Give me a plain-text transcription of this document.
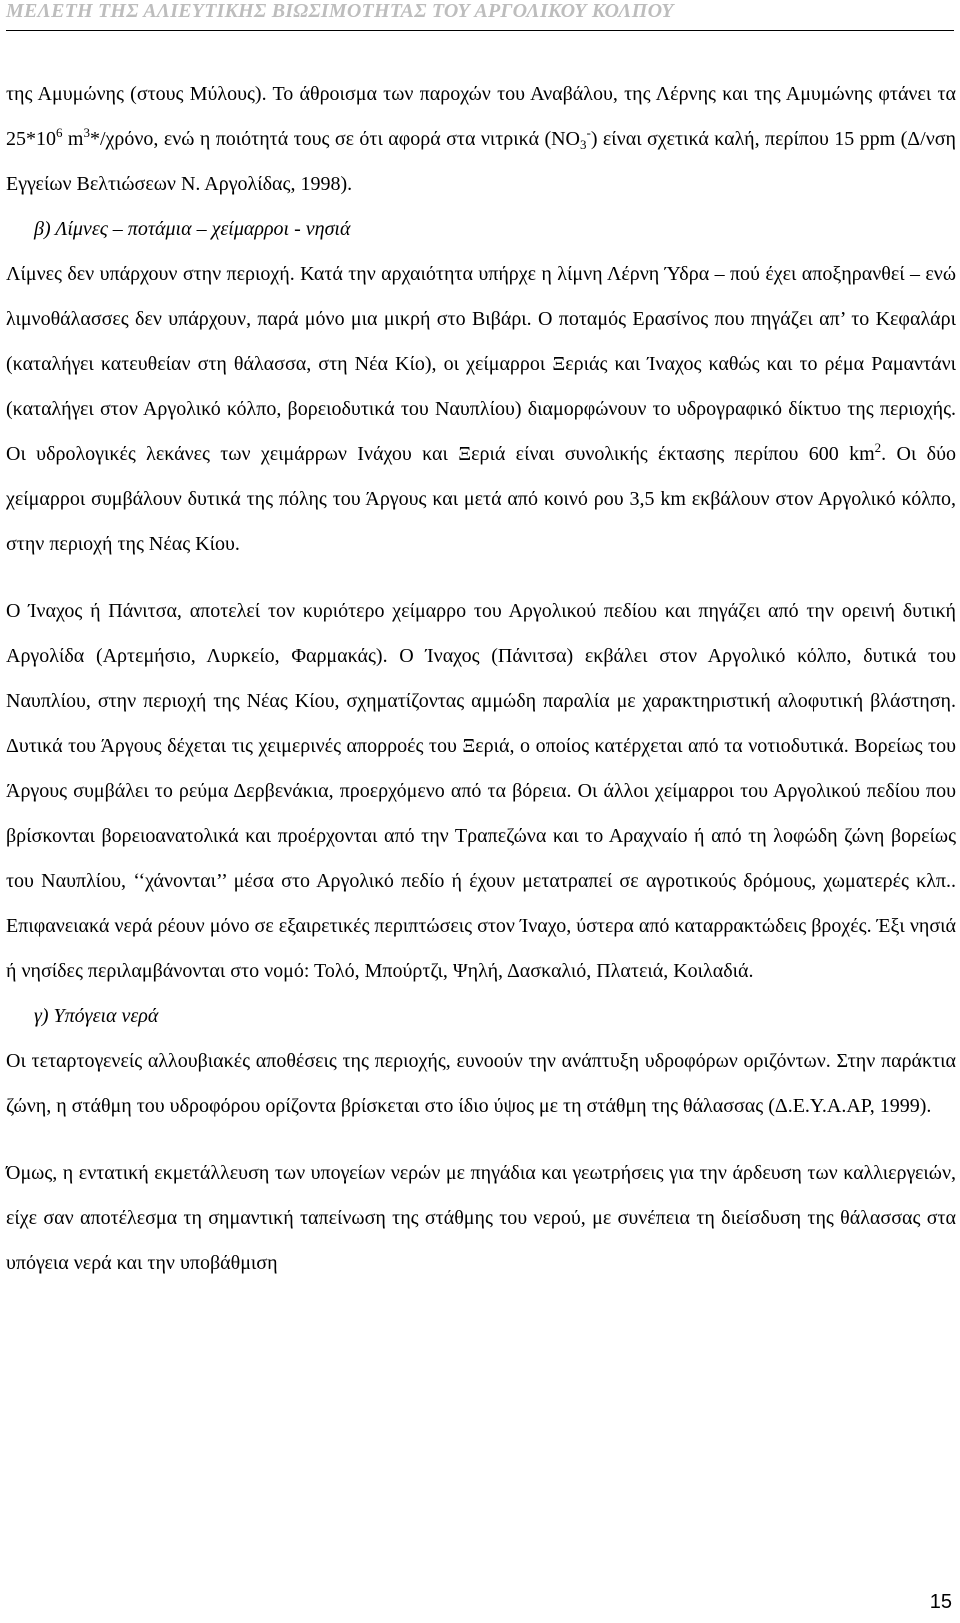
ΜΕΛΕΤΗ ΤΗΣ ΑΛΙΕΥΤΙΚΗΣ ΒΙΩΣΙΜΟΤΗΤΑΣ ΤΟΥ ΑΡΓΟΛΙΚΟΥ ΚΟΛΠΟΥ

της Αμυμώνης (στους Μύλους). Το άθροισμα των παροχών του Αναβάλου, της Λέρνης και της Αμυμώνης φτάνει τα $25*10^6$ $m^3*$/χρόνο, ενώ η ποιότητά τους σε ότι αφορά στα νιτρικά $(NO_3^-)$ είναι σχετικά καλή, περίπου 15 ppm (Δ/νση Εγγείων Βελτιώσεων Ν. Αργολίδας, 1998).

β) Λίμνες – ποτάμια – χείμαρροι - νησιά

Λίμνες δεν υπάρχουν στην περιοχή. Κατά την αρχαιότητα υπήρχε η λίμνη Λέρνη Ύδρα – πού έχει αποξηρανθεί – ενώ λιμνοθάλασσες δεν υπάρχουν, παρά μόνο μια μικρή στο Βιβάρι. Ο ποταμός Ερασίνος που πηγάζει απ’ το Κεφαλάρι (καταλήγει κατευθείαν στη θάλασσα, στη Νέα Κίο), οι χείμαρροι Ξεριάς και Ίναχος καθώς και το ρέμα Ραμαντάνι (καταλήγει στον Αργολικό κόλπο, βορειοδυτικά του Ναυπλίου) διαμορφώνουν το υδρογραφικό δίκτυο της περιοχής. Οι υδρολογικές λεκάνες των χειμάρρων Ινάχου και Ξεριά είναι συνολικής έκτασης περίπου 600 $km^2$. Οι δύο χείμαρροι συμβάλουν δυτικά της πόλης του Άργους και μετά από κοινό ρου 3,5 km εκβάλουν στον Αργολικό κόλπο, στην περιοχή της Νέας Κίου.

Ο Ίναχος ή Πάνιτσα, αποτελεί τον κυριότερο χείμαρρο του Αργολικού πεδίου και πηγάζει από την ορεινή δυτική Αργολίδα (Αρτεμήσιο, Λυρκείο, Φαρμακάς). Ο Ίναχος (Πάνιτσα) εκβάλει στον Αργολικό κόλπο, δυτικά του Ναυπλίου, στην περιοχή της Νέας Κίου, σχηματίζοντας αμμώδη παραλία με χαρακτηριστική αλοφυτική βλάστηση. Δυτικά του Άργους δέχεται τις χειμερινές απορροές του Ξεριά, ο οποίος κατέρχεται από τα νοτιοδυτικά. Βορείως του Άργους συμβάλει το ρεύμα Δερβενάκια, προερχόμενο από τα βόρεια. Οι άλλοι χείμαρροι του Αργολικού πεδίου που βρίσκονται βορειοανατολικά και προέρχονται από την Τραπεζώνα και το Αραχναίο ή από τη λοφώδη ζώνη βορείως του Ναυπλίου, ‘‘χάνονται’’ μέσα στο Αργολικό πεδίο ή έχουν μετατραπεί σε αγροτικούς δρόμους, χωματερές κλπ.. Επιφανειακά νερά ρέουν μόνο σε εξαιρετικές περιπτώσεις στον Ίναχο, ύστερα από καταρρακτώδεις βροχές. Έξι νησιά ή νησίδες περιλαμβάνονται στο νομό: Τολό, Μπούρτζι, Ψηλή, Δασκαλιό, Πλατειά, Κοιλαδιά.

γ) Υπόγεια νερά

Οι τεταρτογενείς αλλουβιακές αποθέσεις της περιοχής, ευνοούν την ανάπτυξη υδροφόρων οριζόντων. Στην παράκτια ζώνη, η στάθμη του υδροφόρου ορίζοντα βρίσκεται στο ίδιο ύψος με τη στάθμη της θάλασσας (Δ.Ε.Υ.Α.ΑΡ, 1999).

Όμως, η εντατική εκμετάλλευση των υπογείων νερών με πηγάδια και γεωτρήσεις για την άρδευση των καλλιεργειών, είχε σαν αποτέλεσμα τη σημαντική ταπείνωση της στάθμης του νερού, με συνέπεια τη διείσδυση της θάλασσας στα υπόγεια νερά και την υποβάθμιση

15
